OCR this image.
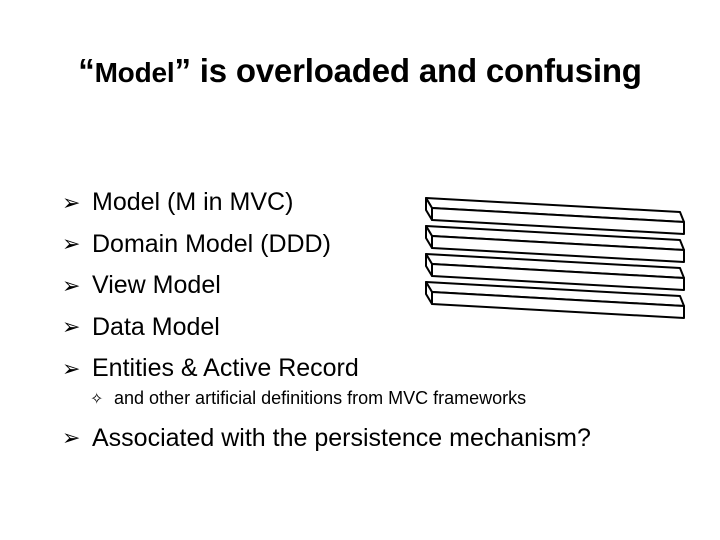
“Model” is overloaded and confusing
➢ Model (M in MVC)
➢ Domain Model (DDD)
➢ View Model
➢ Data Model
➢ Entities & Active Record
✧ and other artificial definitions from MVC frameworks
➢ Associated with the persistence mechanism?
